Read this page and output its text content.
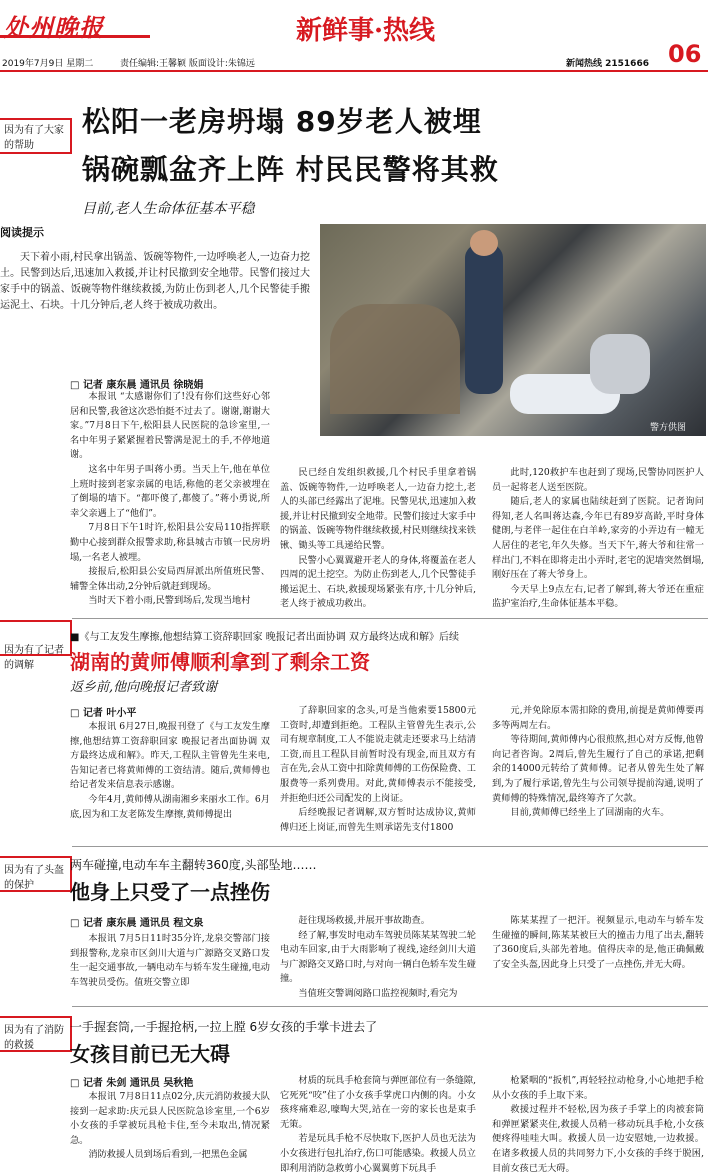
处州晚报	新鲜事·热线
06
2019年7月9日 星期二	责任编辑:王馨颖 版面设计:朱锦远	新闻热线 2151666
因为有了大家的帮助
松阳一老房坍塌 89岁老人被埋
锅碗瓢盆齐上阵 村民民警将其救
目前,老人生命体征基本平稳
阅读提示
天下着小雨,村民拿出锅盖、饭碗等物件,一边呼唤老人,一边奋力挖土。民警到达后,迅速加入救援,并让村民撤到安全地带。民警们接过大家手中的锅盖、饭碗等物件继续救援,为防止伤到老人,几个民警徒手搬运泥土、石块。十几分钟后,老人终于被成功救出。
警方供图
□ 记者 康东晨 通讯员 徐晓娟

本报讯 “太感谢你们了!没有你们这些好心邻居和民警,我爸这次恐怕挺不过去了。谢谢,谢谢大家。”7月8日下午,松阳县人民医院的急诊室里,一名中年男子紧紧握着民警满是泥土的手,不停地道谢。

这名中年男子叫蒋小勇。当天上午,他在单位上班时接到老家亲属的电话,称他的老父亲被埋在了倒塌的墙下。“都吓傻了,都傻了。”蒋小勇说,所幸父亲遇上了“他们”。

7月8日下午1时许,松阳县公安局110指挥联勤中心接到群众报警求助,称县城古市镇一民房坍塌,一名老人被埋。

接报后,松阳县公安局西屏派出所值班民警、辅警全体出动,2分钟后就赶到现场。

当时天下着小雨,民警到场后,发现当地村

民已经自发组织救援,几个村民手里拿着锅盖、饭碗等物件,一边呼唤老人,一边奋力挖土,老人的头部已经露出了泥堆。民警见状,迅速加入救援,并让村民撤到安全地带。民警们接过大家手中的锅盖、饭碗等物件继续救援,村民则继续找来铁锹、锄头等工具递给民警。

民警小心翼翼避开老人的身体,将覆盖在老人四周的泥土挖空。为防止伤到老人,几个民警徒手搬运泥土、石块,救援现场紧张有序,十几分钟后,老人终于被成功救出。

此时,120救护车也赶到了现场,民警协同医护人员一起将老人送至医院。

随后,老人的家属也陆续赶到了医院。记者询问得知,老人名叫蒋达森,今年已有89岁高龄,平时身体健朗,与老伴一起住在白羊岭,家旁的小弄边有一幢无人居住的老宅,年久失修。当天下午,蒋大爷和往常一样出门,不料在即将走出小弄时,老宅的泥墙突然倒塌,刚好压在了蒋大爷身上。

今天早上9点左右,记者了解到,蒋大爷还在重症监护室治疗,生命体征基本平稳。

因为有了记者的调解
■《与工友发生摩擦,他想结算工资辞职回家 晚报记者出面协调 双方最终达成和解》后续
湖南的黄师傅顺利拿到了剩余工资
返乡前,他向晚报记者致谢
□ 记者 叶小平

本报讯 6月27日,晚报刊登了《与工友发生摩擦,他想结算工资辞职回家 晚报记者出面协调 双方最终达成和解》。昨天,工程队主管曾先生来电,告知记者已将黄师傅的工资结清。随后,黄师傅也给记者发来信息表示感谢。

今年4月,黄师傅从湖南湘乡来丽水工作。6月底,因为和工友老陈发生摩擦,黄师傅提出

了辞职回家的念头,可是当他索要15800元工资时,却遭到拒绝。工程队主管曾先生表示,公司有规章制度,工人不能说走就走还要求马上结清工资,而且工程队目前暂时没有现金,而且双方有言在先,会从工资中扣除黄师傅的工伤保险费、工服费等一系列费用。对此,黄师傅表示不能接受,并拒绝归还公司配发的上岗证。

后经晚报记者调解,双方暂时达成协议,黄师傅归还上岗证,而曾先生则承诺先支付1800

元,并免除原本需扣除的费用,前提是黄师傅要再多等两周左右。

等待期间,黄师傅内心很煎熬,担心对方反悔,他曾向记者咨询。2周后,曾先生履行了自己的承诺,把剩余的14000元转给了黄师傅。记者从曾先生处了解到,为了履行承诺,曾先生与公司领导提前沟通,说明了黄师傅的特殊情况,最终筹齐了欠款。

目前,黄师傅已经坐上了回湖南的火车。

因为有了头盔的保护
两车碰撞,电动车车主翻转360度,头部坠地……
他身上只受了一点挫伤
□ 记者 康东晨 通讯员 程文泉

本报讯 7月5日11时35分许,龙泉交警部门接到报警称,龙泉市区剑川大道与广源路交叉路口发生一起交通事故,一辆电动车与轿车发生碰撞,电动车驾驶员受伤。值班交警立即

赶往现场救援,并展开事故勘查。

经了解,事发时电动车驾驶员陈某某驾驶二轮电动车回家,由于大雨影响了视线,途经剑川大道与广源路交叉路口时,与对向一辆白色轿车发生碰撞。

当值班交警调阅路口监控视频时,看完为

陈某某捏了一把汗。视频显示,电动车与轿车发生碰撞的瞬间,陈某某被巨大的撞击力甩了出去,翻转了360度后,头部先着地。值得庆幸的是,他正确佩戴了安全头盔,因此身上只受了一点挫伤,并无大碍。

因为有了消防的救援
一手握套筒,一手握抢柄,一拉上膛 6岁女孩的手掌卡进去了
女孩目前已无大碍
□ 记者 朱剑 通讯员 吴秋艳

本报讯 7月8日11点02分,庆元消防救援大队接到一起求助:庆元县人民医院急诊室里,一个6岁小女孩的手掌被玩具枪卡住,至今未取出,情况紧急。

消防救援人员到场后看到,一把黑色金属

材质的玩具手枪套筒与弹匣部位有一条缝隙,它死死“咬”住了小女孩手掌虎口内侧的肉。小女孩疼痛难忍,嚎啕大哭,站在一旁的家长也是束手无策。

若是玩具手枪不尽快取下,医护人员也无法为小女孩进行包扎治疗,伤口可能感染。救援人员立即利用消防急救剪小心翼翼剪下玩具手

枪紧咽的“扳机”,再轻轻拉动枪身,小心地把手枪从小女孩的手上取下来。

救援过程并不轻松,因为孩子手掌上的肉被套筒和弹匣紧紧夹住,救援人员稍一移动玩具手枪,小女孩便疼得哇哇大叫。救援人员一边安慰她,一边救援。在诸多救援人员的共同努力下,小女孩的手终于脱困,目前女孩已无大碍。
